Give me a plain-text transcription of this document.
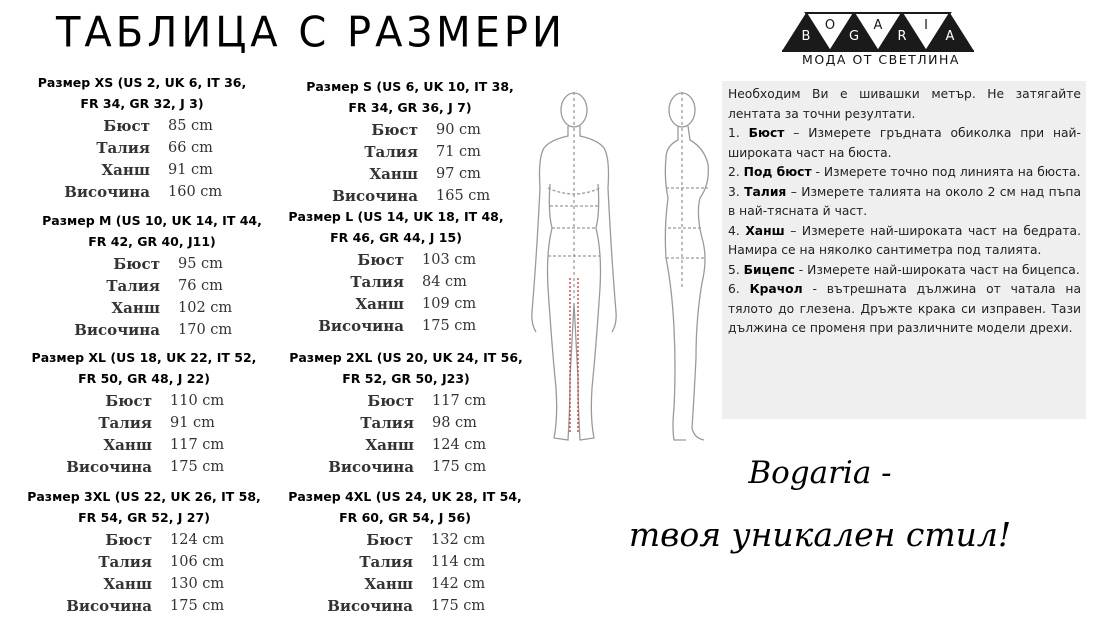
ТАБЛИЦА С РАЗМЕРИ
Размер XS (US 2, UK 6, IT 36,
FR 34, GR 32, J 3)
Бюст	85 cm
Талия	66 cm
Ханш	91 cm
Височина	160 cm
Размер S (US 6, UK 10, IT 38,
FR 34, GR 36, J 7)
Бюст	90 cm
Талия	71 cm
Ханш	97 cm
Височина	165 cm
Размер M (US 10, UK 14, IT 44,
FR 42, GR 40, J11)
Бюст	95 cm
Талия	76 cm
Ханш	102 cm
Височина	170 cm
Размер L (US 14, UK 18, IT 48,
FR 46, GR 44, J 15)
Бюст	103 cm
Талия	84 cm
Ханш	109 cm
Височина	175 cm
Размер XL (US 18, UK 22, IT 52,
FR 50, GR 48, J 22)
Бюст	110 cm
Талия	91 cm
Ханш	117 cm
Височина	175 cm
Размер 2XL (US 20, UK 24, IT 56,
FR 52, GR 50, J23)
Бюст	117 cm
Талия	98 cm
Ханш	124 cm
Височина	175 cm
Размер 3XL (US 22, UK 26, IT 58,
FR 54, GR 52, J 27)
Бюст	124 cm
Талия	106 cm
Ханш	130 cm
Височина	175 cm
Размер 4XL (US 24, UK 28, IT 54,
FR 60, GR 54, J 56)
Бюст	132 cm
Талия	114 cm
Ханш	142 cm
Височина	175 cm
B
O
G
A
R
I
A
МОДА ОТ СВЕТЛИНА

Необходим Ви е шивашки метър. Не затягайте лентата за точни резултати.

1. Бюст – Измерете гръдната обиколка при най-широката част на бюста.

2. Под бюст - Измерете точно под линията на бюста.

3. Талия – Измерете талията на около 2 см над пъпа в най-тясната й част.

4. Ханш – Измерете най-широката част на бедрата. Намира се на няколко сантиметра под талията.

5. Бицепс - Измерете най-широката част на бицепса.

6. Крачол - вътрешната дължина от чатала на тялото до глезена. Дръжте крака си изправен. Тази дължина се променя при различните модели дрехи.

Bogaria -
твоя уникален стил!
